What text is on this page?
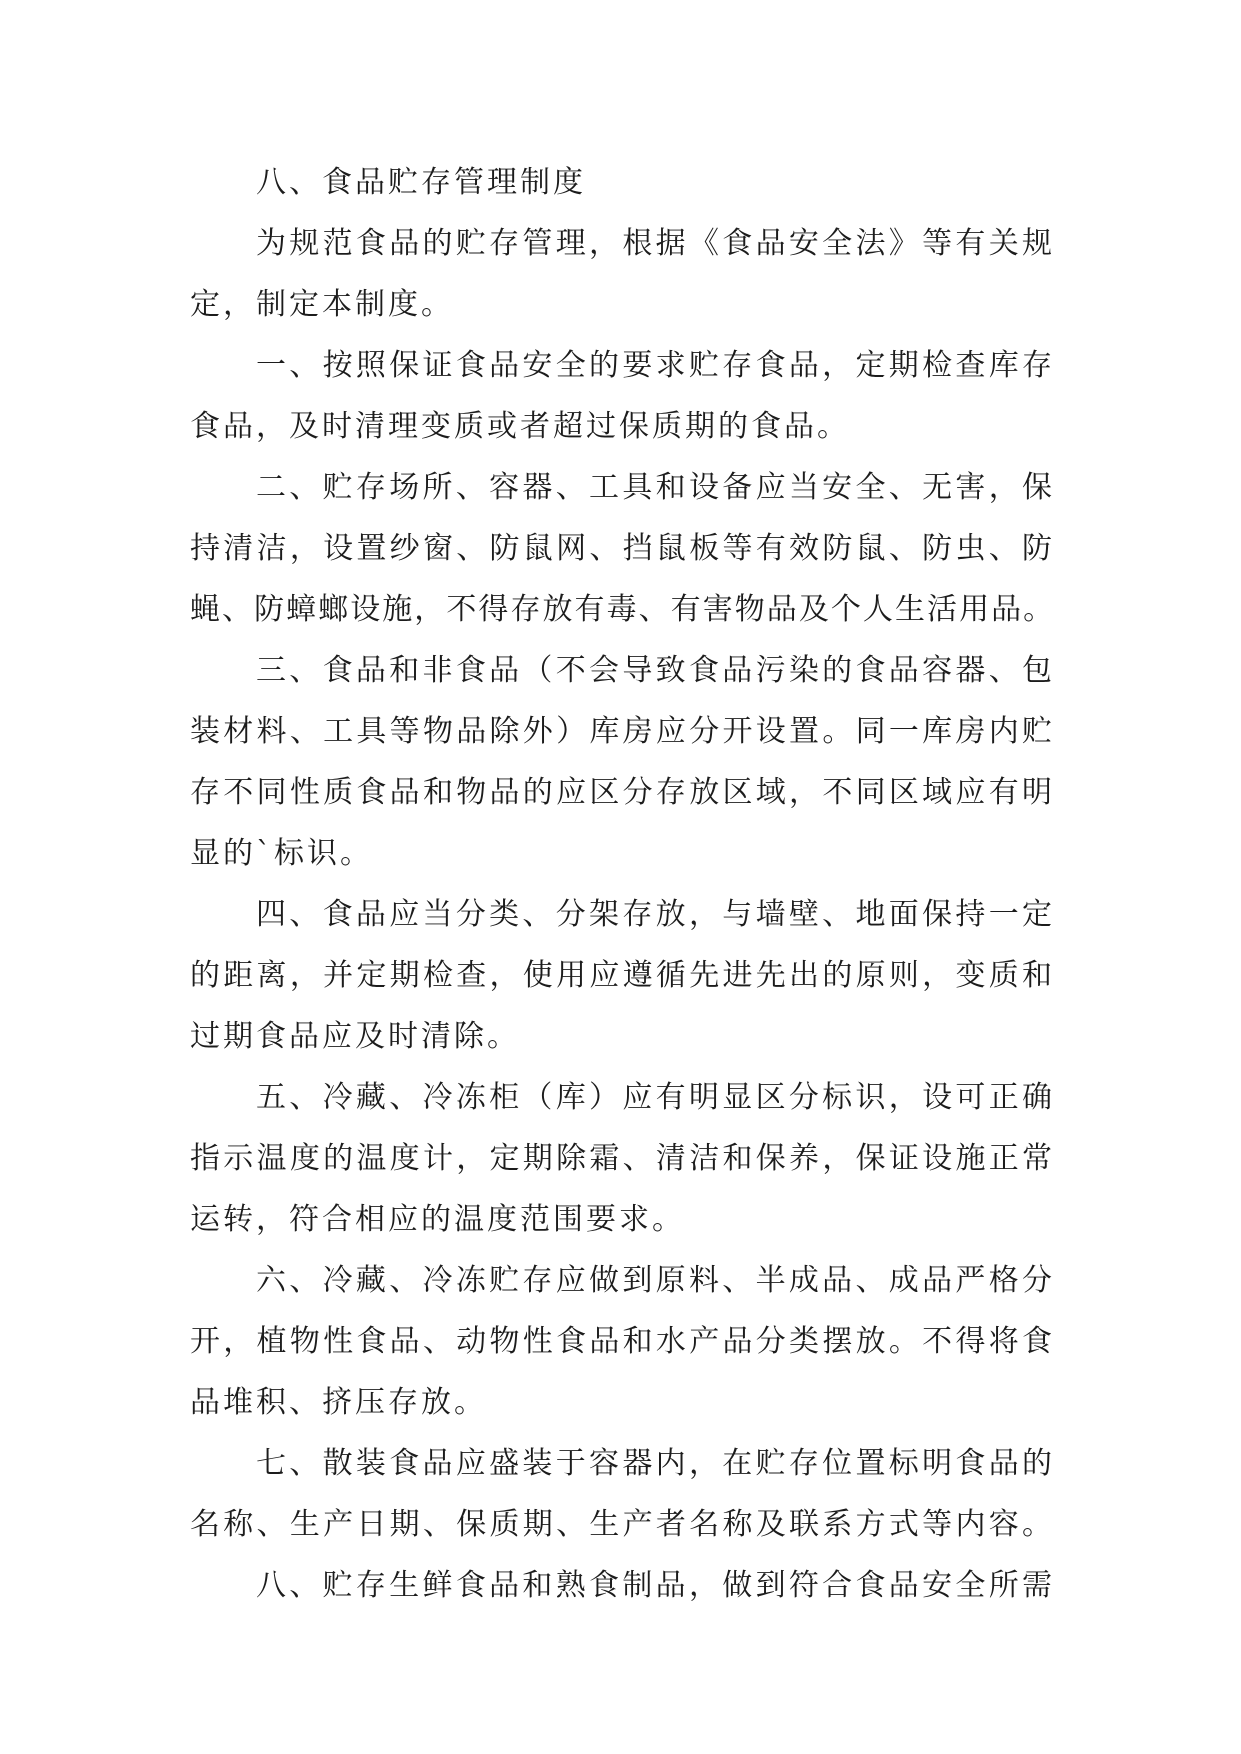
八、食品贮存管理制度
为规范食品的贮存管理，根据《食品安全法》等有关规
定，制定本制度。
一、按照保证食品安全的要求贮存食品，定期检查库存
食品，及时清理变质或者超过保质期的食品。
二、贮存场所、容器、工具和设备应当安全、无害，保
持清洁，设置纱窗、防鼠网、挡鼠板等有效防鼠、防虫、防
蝇、防蟑螂设施，不得存放有毒、有害物品及个人生活用品。
三、食品和非食品（不会导致食品污染的食品容器、包
装材料、工具等物品除外）库房应分开设置。同一库房内贮
存不同性质食品和物品的应区分存放区域，不同区域应有明
显的`标识。
四、食品应当分类、分架存放，与墙壁、地面保持一定
的距离，并定期检查，使用应遵循先进先出的原则，变质和
过期食品应及时清除。
五、冷藏、冷冻柜（库）应有明显区分标识，设可正确
指示温度的温度计，定期除霜、清洁和保养，保证设施正常
运转，符合相应的温度范围要求。
六、冷藏、冷冻贮存应做到原料、半成品、成品严格分
开，植物性食品、动物性食品和水产品分类摆放。不得将食
品堆积、挤压存放。
七、散装食品应盛装于容器内，在贮存位置标明食品的
名称、生产日期、保质期、生产者名称及联系方式等内容。
八、贮存生鲜食品和熟食制品，做到符合食品安全所需
